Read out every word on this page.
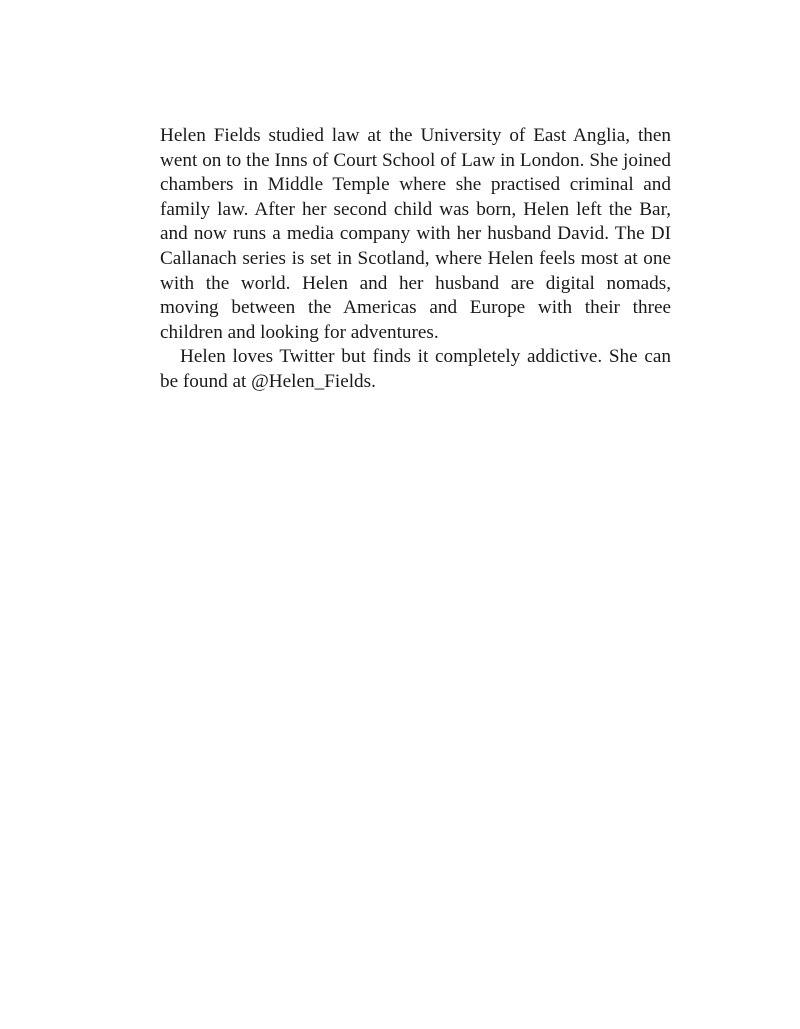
Helen Fields studied law at the University of East Anglia, then went on to the Inns of Court School of Law in London. She joined chambers in Middle Temple where she practised criminal and family law. After her second child was born, Helen left the Bar, and now runs a media company with her husband David. The DI Callanach series is set in Scotland, where Helen feels most at one with the world. Helen and her husband are digital nomads, moving between the Americas and Europe with their three children and looking for adventures.

Helen loves Twitter but finds it completely addictive. She can be found at @Helen_Fields.
